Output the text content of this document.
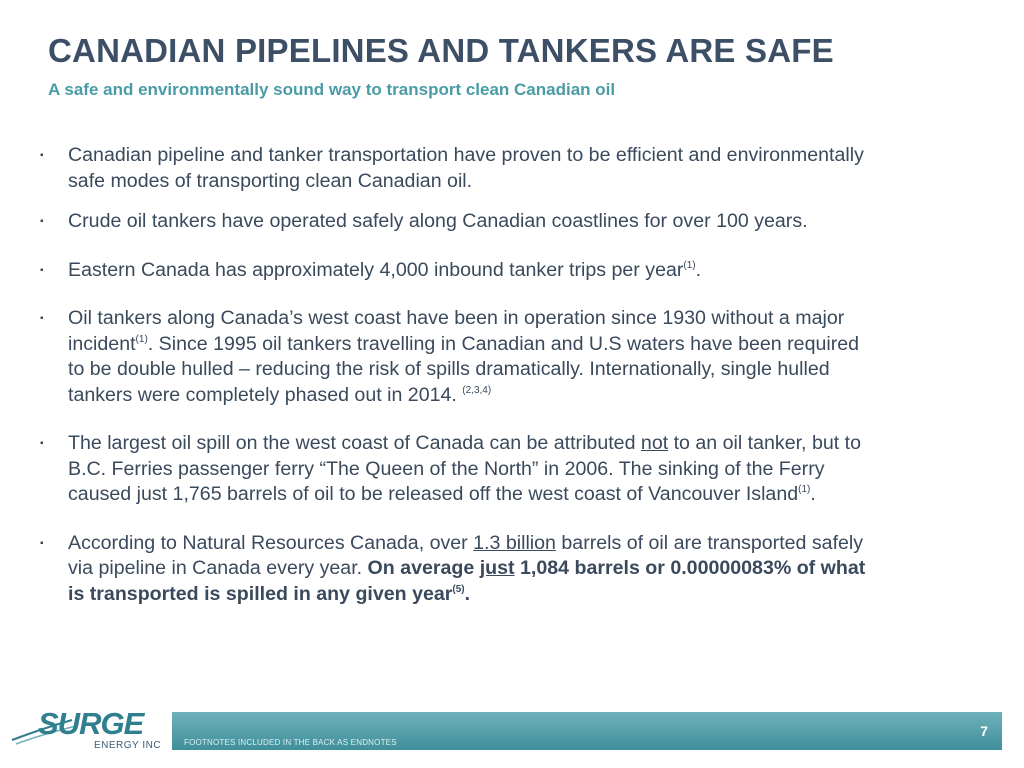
CANADIAN PIPELINES AND TANKERS ARE SAFE
A safe and environmentally sound way to transport clean Canadian oil
▪ Canadian pipeline and tanker transportation have proven to be efficient and environmentally
safe modes of transporting clean Canadian oil.
▪ Crude oil tankers have operated safely along Canadian coastlines for over 100 years.
▪ Eastern Canada has approximately 4,000 inbound tanker trips per year$^{(1)}$.
▪ Oil tankers along Canada’s west coast have been in operation since 1930 without a major
incident$^{(1)}$. Since 1995 oil tankers travelling in Canadian and U.S waters have been required
to be double hulled – reducing the risk of spills dramatically. Internationally, single hulled
tankers were completely phased out in 2014. $^{(2,3,4)}$
▪ The largest oil spill on the west coast of Canada can be attributed not to an oil tanker, but to
B.C. Ferries passenger ferry “The Queen of the North” in 2006. The sinking of the Ferry
caused just 1,765 barrels of oil to be released off the west coast of Vancouver Island$^{(1)}$.
▪ According to Natural Resources Canada, over 1.3 billion barrels of oil are transported safely
via pipeline in Canada every year. On average just 1,084 barrels or 0.00000083% of what
is transported is spilled in any given year$^{(5)}$.
SURGE
ENERGY INC	FOOTNOTES INCLUDED IN THE BACK AS ENDNOTES
7
